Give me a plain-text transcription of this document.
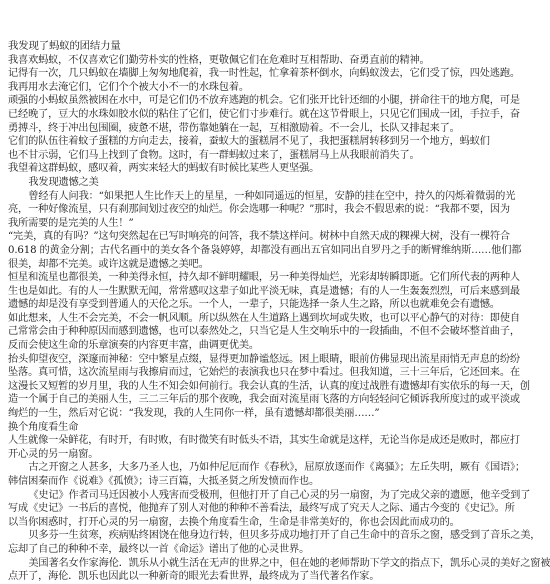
我发现了蚂蚁的团结力量
我喜欢蚂蚁，不仅喜欢它们勤劳朴实的性格，更敬佩它们在危难时互相帮助、奋勇直前的精神。
记得有一次，几只蚂蚁在墙脚上匆匆地爬着，我一时性起，忙拿着茶杯倒水，向蚂蚁泼去，它们受了惊，四处逃跑。
我再用水去淹它们，它们个个被大小不一的水珠包着。
顽强的小蚂蚁虽然被困在水中，可是它们仍不放弃逃跑的机会。它们张开比针还细的小腿，拼命往干的地方爬，可是
已经晚了，豆大的水珠如胶水似的粘住了它们，使它们寸步难行。就在这节骨眼上，只见它们围成一团，手拉手，奋
勇搏斗，终于冲出包围圈，疲惫不堪，带伤靠她躺在一起，互相激励着。不一会儿，长队又排起来了。
它们的队伍往着蚊子蛋糕的方向走去，接着，蚕蚁大的蛋糕屑不见了，我把蛋糕屑转移到另一个地方，蚂蚁们
也不甘示弱，它们马上找到了食物。这时，有一群蚂蚁过来了，蛋糕屑马上从我眼前消失了。
我望着这群蚂蚁，感叹着，两实来轻大的蚂蚁有时候比某些人更坚强。
我发现遗憾之美
曾经有人问我：“如果把人生比作天上的星星，一种如同遥远的恒星，安静的挂在空中，持久的闪烁着微弱的光
亮，一种好像流星，只有刹那间划过夜空的灿烂。你会选哪一种呢？”那时，我会不假思索的说：“我都不要，因为
我所需要的是完美的人生！”
“完美，真的有吗？”这句突然起在已写时响亮的问答，我不禁这样问。树林中自然天成的粿裸大树，没有一棵符合
0.618 的黄金分割；古代名画中的美女各个备袅婷婷，却都没有画出五官如同出自罗丹之手的断臂维纳斯……他们都
很美，却都不完美。或许这就是遗憾之美吧。
恒星和流星也都很美，一种美得永恒，持久却不鲜明耀眼，另一种美得灿烂，光彩却转瞬即逝。它们所代表的两种人
生也是如此。有的人一生默默无闻，常常感叹这辈子如此平淡无味，真是遗憾；有的人一生轰轰烈烈，可后来感到最
遗憾的却是没有享受到普通人的天伦之乐。一个人，一辈子，只能选择一条人生之路，所以也就难免会有遗憾。
如此想来，人生不会完美，不会一帆风顺。所以纵然在人生道路上遇到坎坷或失败，也可以平心静气的对待：即使自
己常常会由于种种原因而感到遗憾，也可以泰然处之，只当它是人生交响乐中的一段插曲，不但不会破坏整首曲子，
反而会使这生命的乐章演奏的内容更丰富，曲调更优美。
抬头仰望夜空，深邃而神秘：空中繁星点缀，显得更加静谧悠远。困上眼睛，眼前仿佛显现出流星雨悄无声息的纷纷
坠落。真可惜，这次流星雨与我擦肩而过，它始烂的表演我也只在梦中看过。但我知道，三十三年后，它还回来。在
这漫长又短暂的岁月里，我的人生不知会如何前行。我会认真的生活，认真的度过战胜有遗憾却有实依乐的每一天，创
造一个属于自己的美丽人生，三二三年后的那个夜晚，我会面对流星雨飞落的方向轻轻问它倾诉我所度过的或平淡或
绚烂的一生，然后对它说：“我发现，我的人生同你一样，虽有遗憾却都很美丽……”
换个角度看生命
人生就像一朵鲜花，有时开，有时败，有时微笑有时低头不语，其实生命就是这样，无论当你是成还是败时，都应打
开心灵的另一扇窗。
古之开窗之人甚多，大多乃圣人也，乃如仲尼厄而作《春秋》，屈原放逐而作《离骚》；左丘失明，厥有《国语》；
韩信困秦而作《说难》《孤愤》；诗三百篇，大抵圣贤之所发愤而作也。
《史记》作者司马迁因被小人残害而受极刑，但他打开了自己心灵的另一扇窗，为了完成父亲的遗愿，他辛受到了
写成《史记》一书后的喜悦，他抛弃了别人对他的种种不善看法，最终写成了究天人之际、通古今变的《史记》。所
以当你困惑时，打开心灵的另一扇窗，去换个角度看生命，生命是非常美好的，你也会因此而成功的。
贝多芬一生贫寒，疾病贴终困饶在他身边行转，但贝多芬成功地打开了自己生命中的音乐之窗，感受到了音乐之美，
忘却了自己的种种不幸，最终以一首《命运》谱出了他的心灵世界。
美国著名女作家海伦．凯乐从小就生活在无声的世界之中，但在她的老师帮助下学文的指点下，凯乐心灵的美好之窗被
点开了，海伦．凯乐也因此以一种新奇的眼光去看世界，最终成为了当代著名作家。
